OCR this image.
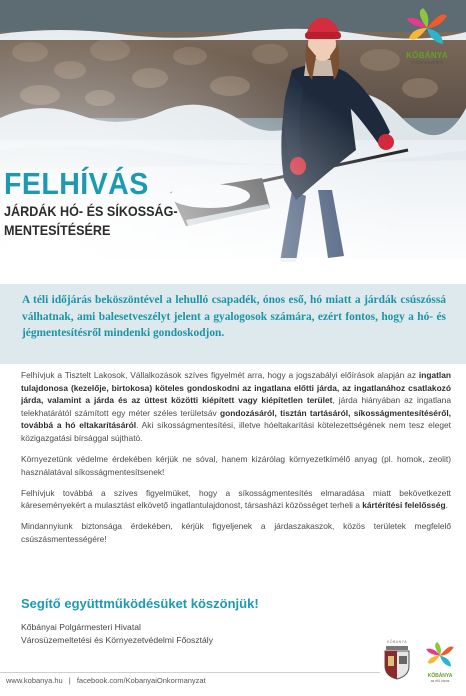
KŐBÁNYA
a környezetért
FELHÍVÁS
JÁRDÁK HÓ- ÉS SÍKOSSÁG-
MENTESÍTÉSÉRE

A téli időjárás beköszöntével a lehulló csapadék, ónos eső, hó miatt a járdák csúszóssá válhatnak, ami balesetveszélyt jelent a gyalogosok számára, ezért fontos, hogy a hó- és jégmentesítésről mindenki gondoskodjon.

Felhívjuk a Tisztelt Lakosok, Vállalkozások szíves figyelmét arra, hogy a jogszabályi előírások alapján az ingatlan tulajdonosa (kezelője, birtokosa) köteles gondoskodni az ingatlana előtti járda, az ingatlanához csatlakozó járda, valamint a járda és az úttest közötti kiépített vagy kiépítetlen terület, járda hiányában az ingatlana telekhatárától számított egy méter széles területsáv gondozásáról, tisztán tartásáról, síkosságmentesítéséről, továbbá a hó eltakarításáról. Aki síkosságmentesítési, illetve hóeltakarítási kötelezettségének nem tesz eleget közigazgatási bírsággal sújtható.

Környezetünk védelme érdekében kérjük ne sóval, hanem kizárólag környezetkímélő anyag (pl. homok, zeolit) használatával síkosságmentesítsenek!

Felhívjuk továbbá a szíves figyelmüket, hogy a síkosságmentesítés elmaradása miatt bekövetkezett káreseményekért a mulasztást elkövető ingatlantulajdonost, társasházi közösséget terheli a kártérítési felelősség.

Mindannyiunk biztonsága érdekében, kérjük figyeljenek a járdaszakaszok, közös területek megfelelő csúszásmentességére!

Segítő együttműködésüket köszönjük!
Kőbányai Polgármesteri Hivatal
Városüzemeltetési és Környezetvédelmi Főosztály
www.kobanya.hu | facebook.com/KobanyaiOnkormanyzat
KŐBÁNYA
KŐBÁNYA
az élő város
